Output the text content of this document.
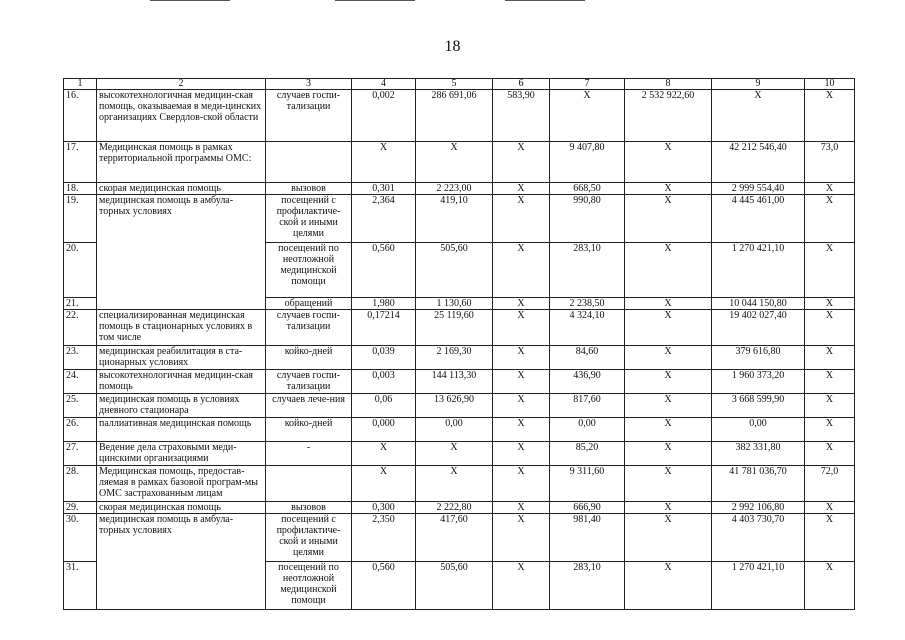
18
1	2	3	4	5	6	7	8	9	10
16.	высокотехнологичная медицин-ская помощь, оказываемая в меди-цинских организациях Свердлов-ской области	случаев госпи-тализации	0,002	286 691,06	583,90	Х	2 532 922,60	Х	Х
17.	Медицинская помощь в рамках территориальной программы ОМС:		Х	Х	Х	9 407,80	Х	42 212 546,40	73,0
18.	скорая медицинская помощь	вызовов	0,301	2 223,00	Х	668,50	Х	2 999 554,40	Х
19.	медицинская помощь в амбула-торных условиях	посещений с профилактиче-ской и иными целями	2,364	419,10	Х	990,80	Х	4 445 461,00	Х
20.		посещений по неотложной медицинской помощи	0,560	505,60	Х	283,10	Х	1 270 421,10	Х
21.		обращений	1,980	1 130,60	Х	2 238,50	Х	10 044 150,80	Х
22.	специализированная медицинская помощь в стационарных условиях в том числе	случаев госпи-тализации	0,17214	25 119,60	Х	4 324,10	Х	19 402 027,40	Х
23.	медицинская реабилитация в ста-ционарных условиях	койко-дней	0,039	2 169,30	Х	84,60	Х	379 616,80	Х
24.	высокотехнологичная медицин-ская помощь	случаев госпи-тализации	0,003	144 113,30	Х	436,90	Х	1 960 373,20	Х
25.	медицинская помощь в условиях дневного стационара	случаев лече-ния	0,06	13 626,90	Х	817,60	Х	3 668 599,90	Х
26.	паллиативная медицинская помощь	койко-дней	0,000	0,00	Х	0,00	Х	0,00	Х
27.	Ведение дела страховыми меди-цинскими организациями	-	Х	Х	Х	85,20	Х	382 331,80	Х
28.	Медицинская помощь, предостав-ляемая в рамках базовой програм-мы ОМС застрахованным лицам		Х	Х	Х	9 311,60	Х	41 781 036,70	72,0
29.	скорая медицинская помощь	вызовов	0,300	2 222,80	Х	666,90	Х	2 992 106,80	Х
30.	медицинская помощь в амбула-торных условиях	посещений с профилактиче-ской и иными целями	2,350	417,60	Х	981,40	Х	4 403 730,70	Х
31.		посещений по неотложной медицинской помощи	0,560	505,60	Х	283,10	Х	1 270 421,10	Х
